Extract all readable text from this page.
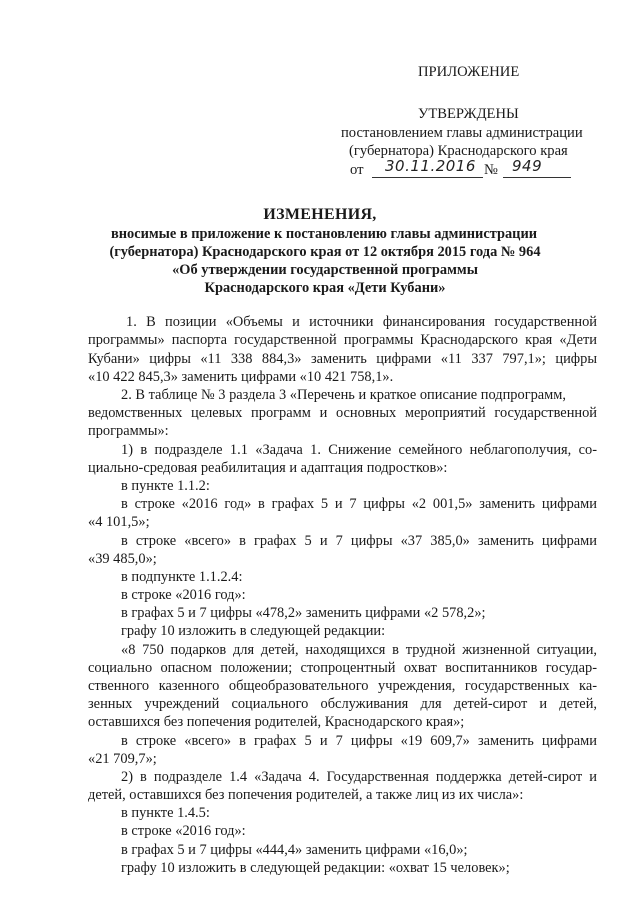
ПРИЛОЖЕНИЕ
УТВЕРЖДЕНЫ
постановлением главы администрации
(губернатора) Краснодарского края
от 30.11.2016 № 949
ИЗМЕНЕНИЯ,
вносимые в приложение к постановлению главы администрации
(губернатора) Краснодарского края от 12 октября 2015 года № 964
«Об утверждении государственной программы
Краснодарского края «Дети Кубани»
1. В позиции «Объемы и источники финансирования государственной
программы» паспорта государственной программы Краснодарского края «Дети
Кубани» цифры «11 338 884,3» заменить цифрами «11 337 797,1»; цифры
«10 422 845,3» заменить цифрами «10 421 758,1».
2. В таблице № 3 раздела 3 «Перечень и краткое описание подпрограмм,
ведомственных целевых программ и основных мероприятий государственной
программы»:
1) в подразделе 1.1 «Задача 1. Снижение семейного неблагополучия, со-
циально-средовая реабилитация и адаптация подростков»:
в пункте 1.1.2:
в строке «2016 год» в графах 5 и 7 цифры «2 001,5» заменить цифрами
«4 101,5»;
в строке «всего» в графах 5 и 7 цифры «37 385,0» заменить цифрами
«39 485,0»;
в подпункте 1.1.2.4:
в строке «2016 год»:
в графах 5 и 7 цифры «478,2» заменить цифрами «2 578,2»;
графу 10 изложить в следующей редакции:
«8 750 подарков для детей, находящихся в трудной жизненной ситуации,
социально опасном положении; стопроцентный охват воспитанников государ-
ственного казенного общеобразовательного учреждения, государственных ка-
зенных учреждений социального обслуживания для детей-сирот и детей,
оставшихся без попечения родителей, Краснодарского края»;
в строке «всего» в графах 5 и 7 цифры «19 609,7» заменить цифрами
«21 709,7»;
2) в подразделе 1.4 «Задача 4. Государственная поддержка детей-сирот и
детей, оставшихся без попечения родителей, а также лиц из их числа»:
в пункте 1.4.5:
в строке «2016 год»:
в графах 5 и 7 цифры «444,4» заменить цифрами «16,0»;
графу 10 изложить в следующей редакции: «охват 15 человек»;
